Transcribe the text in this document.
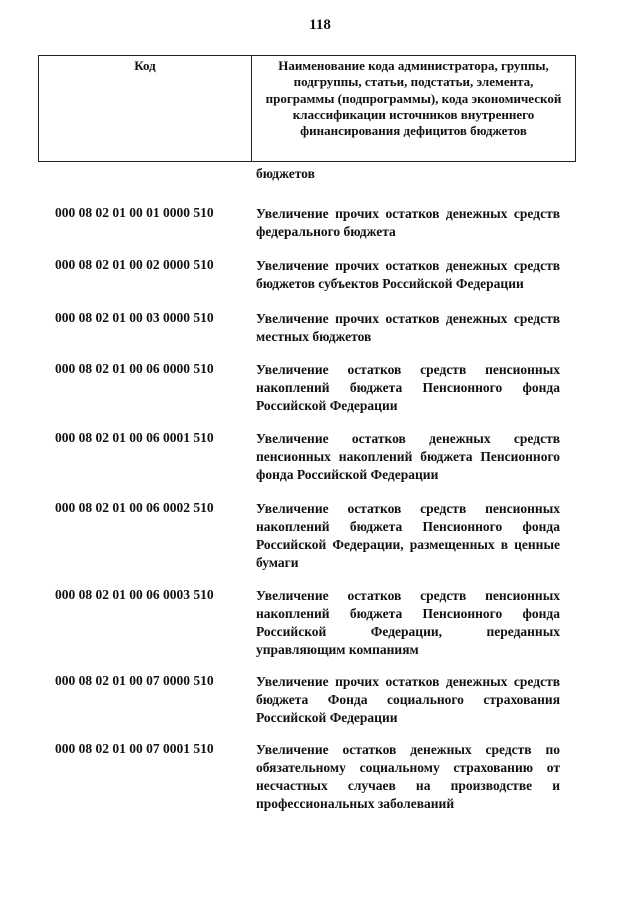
118
Код	Наименование кода администратора, группы, подгруппы, статьи, подстатьи, элемента, программы (подпрограммы), кода экономической классификации источников внутреннего финансирования дефицитов бюджетов
бюджетов
000 08 02 01 00 01 0000 510	Увеличение прочих остатков денежных средств федерального бюджета
000 08 02 01 00 02 0000 510	Увеличение прочих остатков денежных средств бюджетов субъектов Российской Федерации
000 08 02 01 00 03 0000 510	Увеличение прочих остатков денежных средств местных бюджетов
000 08 02 01 00 06 0000 510	Увеличение остатков средств пенсионных накоплений бюджета Пенсионного фонда Российской Федерации
000 08 02 01 00 06 0001 510	Увеличение остатков денежных средств пенсионных накоплений бюджета Пенсионного фонда Российской Федерации
000 08 02 01 00 06 0002 510	Увеличение остатков средств пенсионных накоплений бюджета Пенсионного фонда Российской Федерации, размещенных в ценные бумаги
000 08 02 01 00 06 0003 510	Увеличение остатков средств пенсионных накоплений бюджета Пенсионного фонда Российской Федерации, переданных управляющим компаниям
000 08 02 01 00 07 0000 510	Увеличение прочих остатков денежных средств бюджета Фонда социального страхования Российской Федерации
000 08 02 01 00 07 0001 510	Увеличение остатков денежных средств по обязательному социальному страхованию от несчастных случаев на производстве и профессиональных заболеваний
